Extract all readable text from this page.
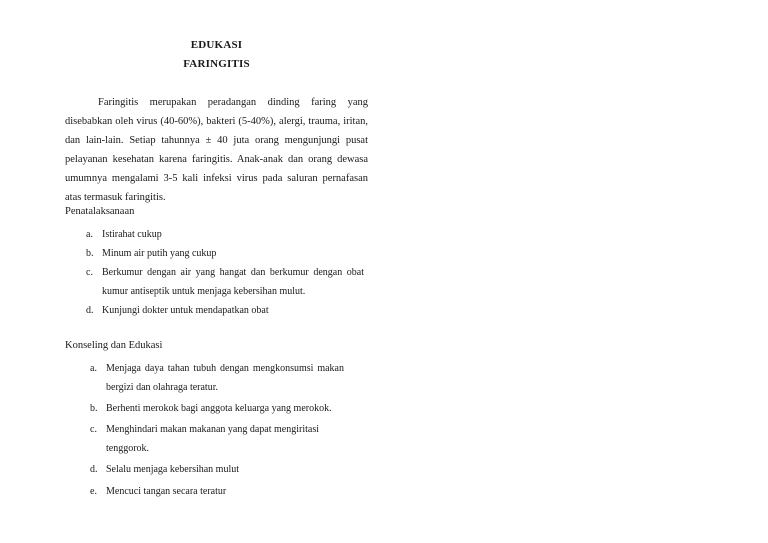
EDUKASI
FARINGITIS

Faringitis merupakan peradangan dinding faring yang disebabkan oleh virus (40-60%), bakteri (5-40%), alergi, trauma, iritan, dan lain-lain. Setiap tahunnya ± 40 juta orang mengunjungi pusat pelayanan kesehatan karena faringitis. Anak-anak dan orang dewasa umumnya mengalami 3-5 kali infeksi virus pada saluran pernafasan atas termasuk faringitis.

Penatalaksanaan

a. Istirahat cukup
b. Minum air putih yang cukup
c. Berkumur dengan air yang hangat dan berkumur dengan obat kumur antiseptik untuk menjaga kebersihan mulut.
d. Kunjungi dokter untuk mendapatkan obat

Konseling dan Edukasi

a. Menjaga daya tahan tubuh dengan mengkonsumsi makan bergizi dan olahraga teratur.
b. Berhenti merokok bagi anggota keluarga yang merokok.
c. Menghindari makan makanan yang dapat mengiritasi tenggorok.
d. Selalu menjaga kebersihan mulut
e. Mencuci tangan secara teratur
